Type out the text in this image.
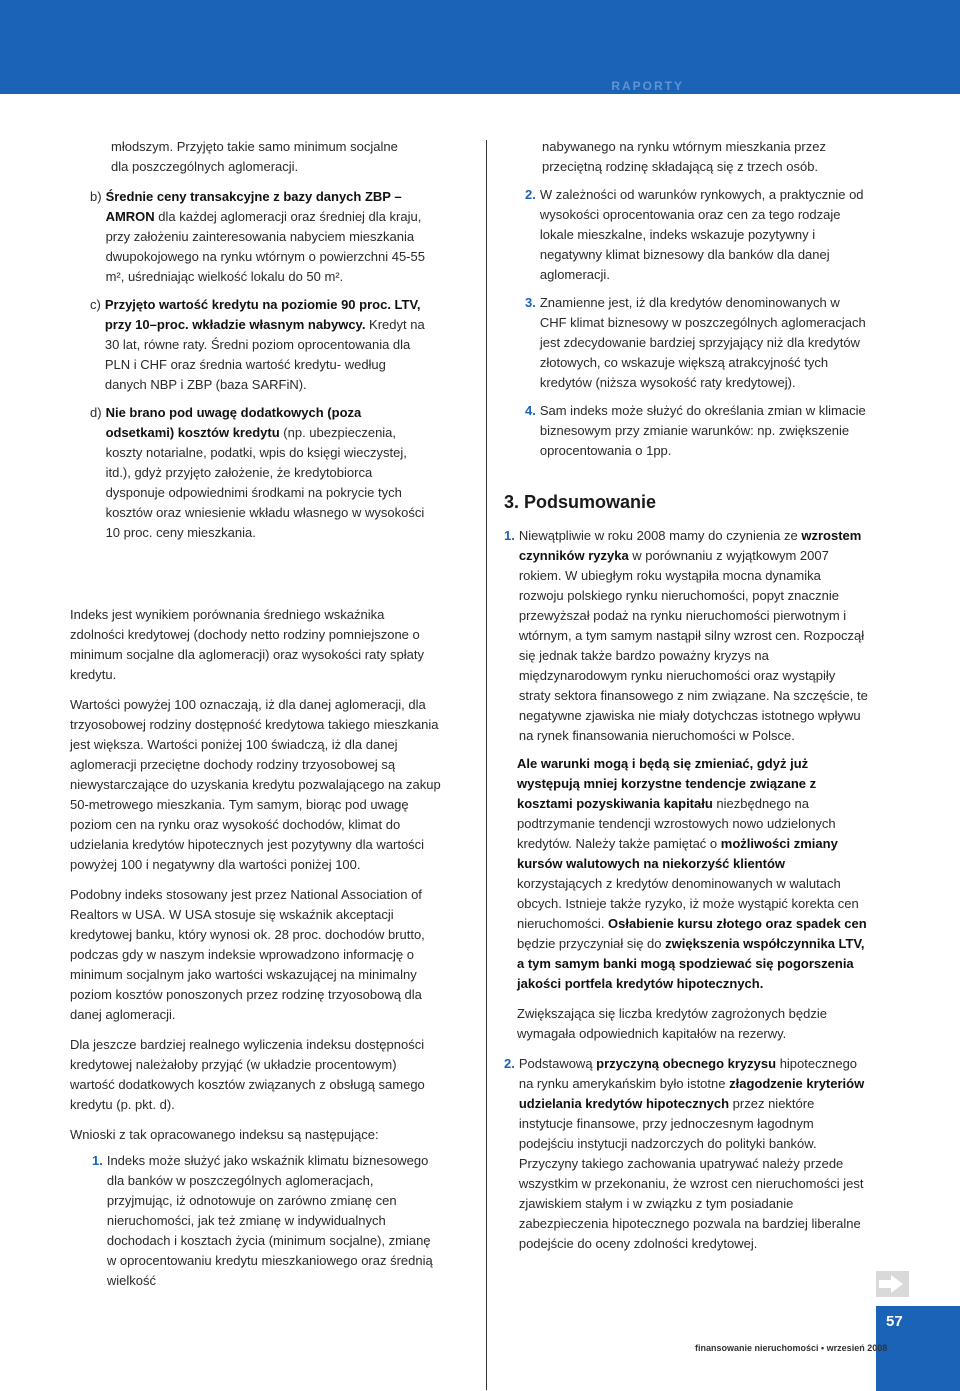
RAPORTY
młodszym. Przyjęto takie samo minimum socjalne
dla poszczególnych aglomeracji.
b) Średnie ceny transakcyjne z bazy danych ZBP – AMRON dla każdej aglomeracji oraz średniej dla kraju, przy założeniu zainteresowania nabyciem mieszkania dwupokojowego na rynku wtórnym o powierzchni 45-55 m², uśredniając wielkość lokalu do 50 m².
c) Przyjęto wartość kredytu na poziomie 90 proc. LTV, przy 10–proc. wkładzie własnym nabywcy. Kredyt na 30 lat, równe raty. Średni poziom oprocentowania dla PLN i CHF oraz średnia wartość kredytu- według danych NBP i ZBP (baza SARFiN).
d) Nie brano pod uwagę dodatkowych (poza odsetkami) kosztów kredytu (np. ubezpieczenia, koszty notarialne, podatki, wpis do księgi wieczystej, itd.), gdyż przyjęto założenie, że kredytobiorca dysponuje odpowiednimi środkami na pokrycie tych kosztów oraz wniesienie wkładu własnego w wysokości 10 proc. ceny mieszkania.

Indeks jest wynikiem porównania średniego wskaźnika zdolności kredytowej (dochody netto rodziny pomniejszone o minimum socjalne dla aglomeracji) oraz wysokości raty spłaty kredytu.

Wartości powyżej 100 oznaczają, iż dla danej aglomeracji, dla trzyosobowej rodziny dostępność kredytowa takiego mieszkania jest większa. Wartości poniżej 100 świadczą, iż dla danej aglomeracji przeciętne dochody rodziny trzyosobowej są niewystarczające do uzyskania kredytu pozwalającego na zakup 50-metrowego mieszkania. Tym samym, biorąc pod uwagę poziom cen na rynku oraz wysokość dochodów, klimat do udzielania kredytów hipotecznych jest pozytywny dla wartości powyżej 100 i negatywny dla wartości poniżej 100.

Podobny indeks stosowany jest przez National Association of Realtors w USA. W USA stosuje się wskaźnik akceptacji kredytowej banku, który wynosi ok. 28 proc. dochodów brutto, podczas gdy w naszym indeksie wprowadzono informację o minimum socjalnym jako wartości wskazującej na minimalny poziom kosztów ponoszonych przez rodzinę trzyosobową dla danej aglomeracji.

Dla jeszcze bardziej realnego wyliczenia indeksu dostępności kredytowej należałoby przyjąć (w układzie procentowym) wartość dodatkowych kosztów związanych z obsługą samego kredytu (p. pkt. d).

Wnioski z tak opracowanego indeksu są następujące:

1. Indeks może służyć jako wskaźnik klimatu biznesowego dla banków w poszczególnych aglomeracjach, przyjmując, iż odnotowuje on zarówno zmianę cen nieruchomości, jak też zmianę w indywidualnych dochodach i kosztach życia (minimum socjalne), zmianę w oprocentowaniu kredytu mieszkaniowego oraz średnią wielkość
nabywanego na rynku wtórnym mieszkania przez przeciętną rodzinę składającą się z trzech osób.
2. W zależności od warunków rynkowych, a praktycznie od wysokości oprocentowania oraz cen za tego rodzaje lokale mieszkalne, indeks wskazuje pozytywny i negatywny klimat biznesowy dla banków dla danej aglomeracji.
3. Znamienne jest, iż dla kredytów denominowanych w CHF klimat biznesowy w poszczególnych aglomeracjach jest zdecydowanie bardziej sprzyjający niż dla kredytów złotowych, co wskazuje większą atrakcyjność tych kredytów (niższa wysokość raty kredytowej).
4. Sam indeks może służyć do określania zmian w klimacie biznesowym przy zmianie warunków: np. zwiększenie oprocentowania o 1pp.
3. Podsumowanie
1. Niewątpliwie w roku 2008 mamy do czynienia ze wzrostem czynników ryzyka w porównaniu z wyjątkowym 2007 rokiem. W ubiegłym roku wystąpiła mocna dynamika rozwoju polskiego rynku nieruchomości, popyt znacznie przewyższał podaż na rynku nieruchomości pierwotnym i wtórnym, a tym samym nastąpił silny wzrost cen. Rozpoczął się jednak także bardzo poważny kryzys na międzynarodowym rynku nieruchomości oraz wystąpiły straty sektora finansowego z nim związane. Na szczęście, te negatywne zjawiska nie miały dotychczas istotnego wpływu na rynek finansowania nieruchomości w Polsce.

Ale warunki mogą i będą się zmieniać, gdyż już występują mniej korzystne tendencje związane z kosztami pozyskiwania kapitału niezbędnego na podtrzymanie tendencji wzrostowych nowo udzielonych kredytów. Należy także pamiętać o możliwości zmiany kursów walutowych na niekorzyść klientów korzystających z kredytów denominowanych w walutach obcych. Istnieje także ryzyko, iż może wystąpić korekta cen nieruchomości. Osłabienie kursu złotego oraz spadek cen będzie przyczyniał się do zwiększenia współczynnika LTV, a tym samym banki mogą spodziewać się pogorszenia jakości portfela kredytów hipotecznych.

Zwiększająca się liczba kredytów zagrożonych będzie wymagała odpowiednich kapitałów na rezerwy.

2. Podstawową przyczyną obecnego kryzysu hipotecznego na rynku amerykańskim było istotne złagodzenie kryteriów udzielania kredytów hipotecznych przez niektóre instytucje finansowe, przy jednoczesnym łagodnym podejściu instytucji nadzorczych do polityki banków. Przyczyny takiego zachowania upatrywać należy przede wszystkim w przekonaniu, że wzrost cen nieruchomości jest zjawiskiem stałym i w związku z tym posiadanie zabezpieczenia hipotecznego pozwala na bardziej liberalne podejście do oceny zdolności kredytowej.
57
finansowanie nieruchomości • wrzesień 2008
